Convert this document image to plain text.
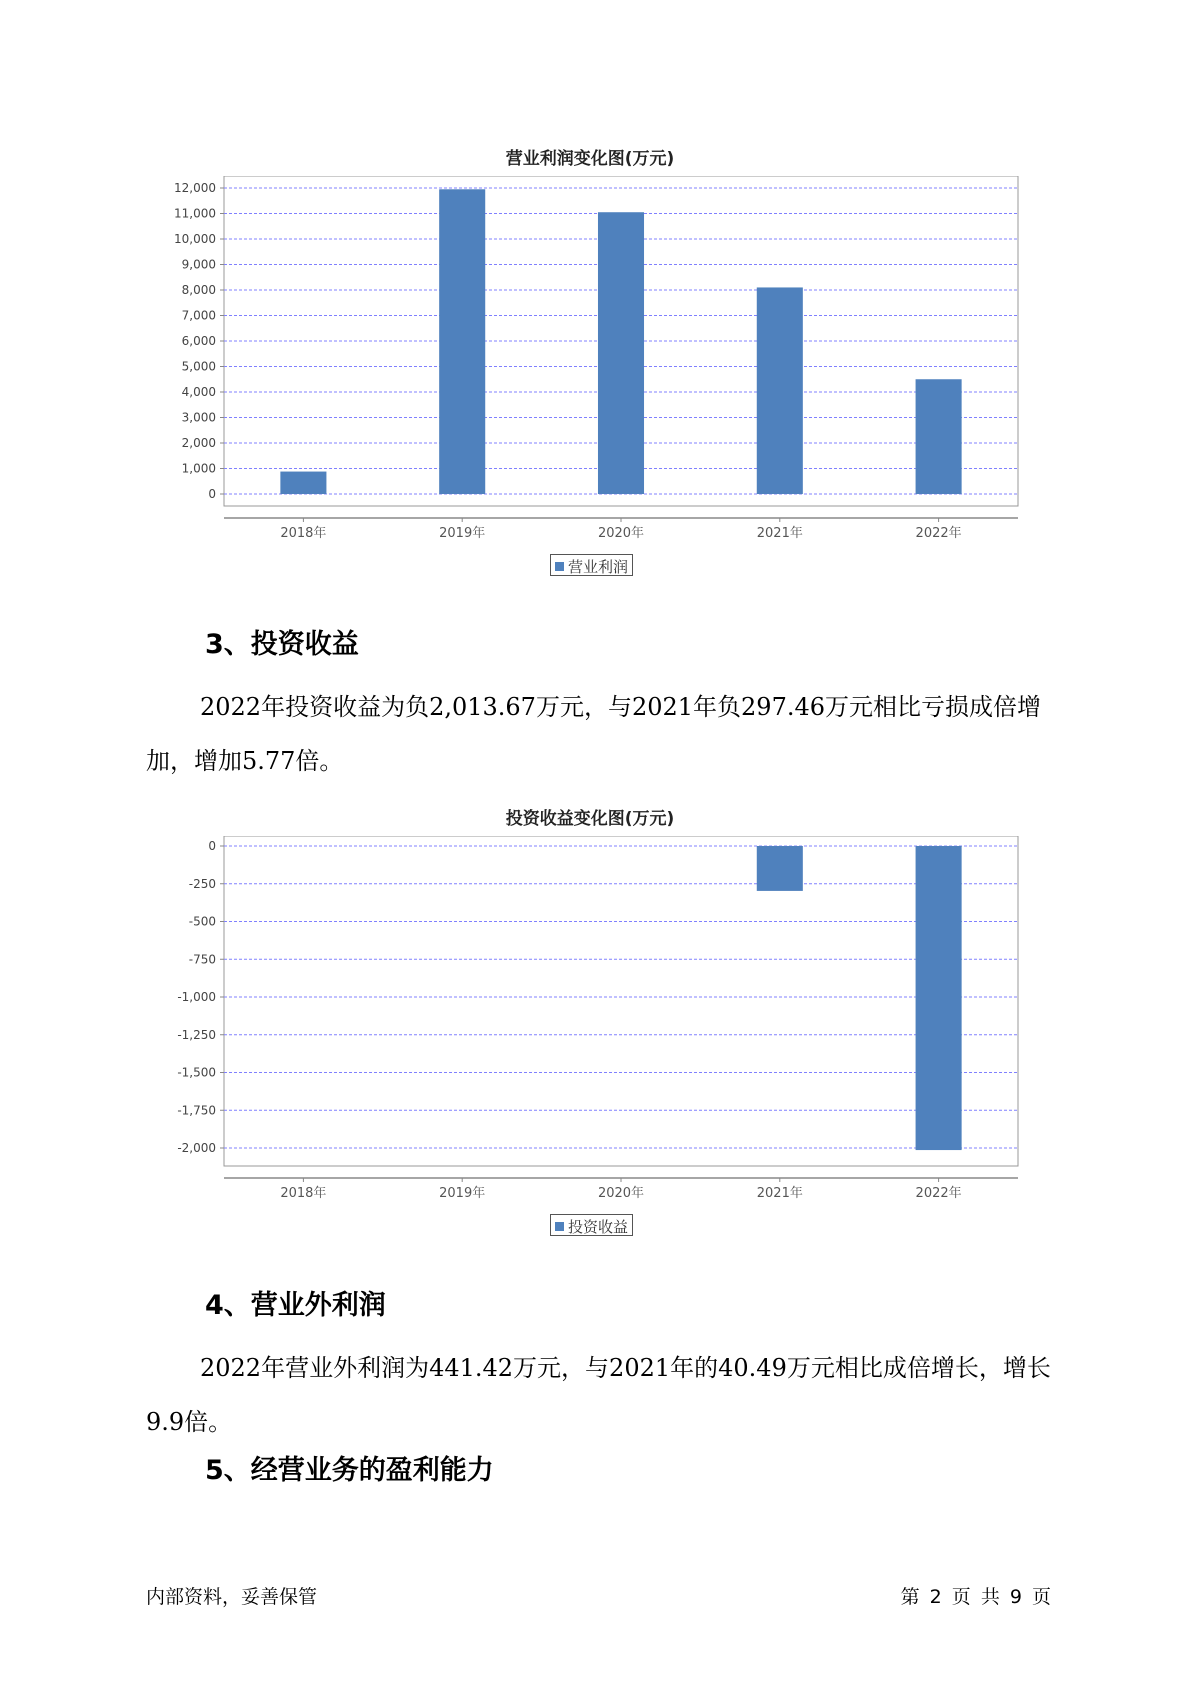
营业利润变化图(万元)
0
1,000
2,000
3,000
4,000
5,000
6,000
7,000
8,000
9,000
10,000
11,000
12,000
2018年	2019年	2020年	2021年	2022年
营业利润
3、投资收益
2022年投资收益为负2,013.67万元，与2021年负297.46万元相比亏损成倍增加，增加5.77倍。
投资收益变化图(万元)
0
-250
-500
-750
-1,000
-1,250
-1,500
-1,750
-2,000
2018年	2019年	2020年	2021年	2022年
投资收益
4、营业外利润
2022年营业外利润为441.42万元，与2021年的40.49万元相比成倍增长，增长9.9倍。
5、经营业务的盈利能力
内部资料，妥善保管	第 2 页 共 9 页
